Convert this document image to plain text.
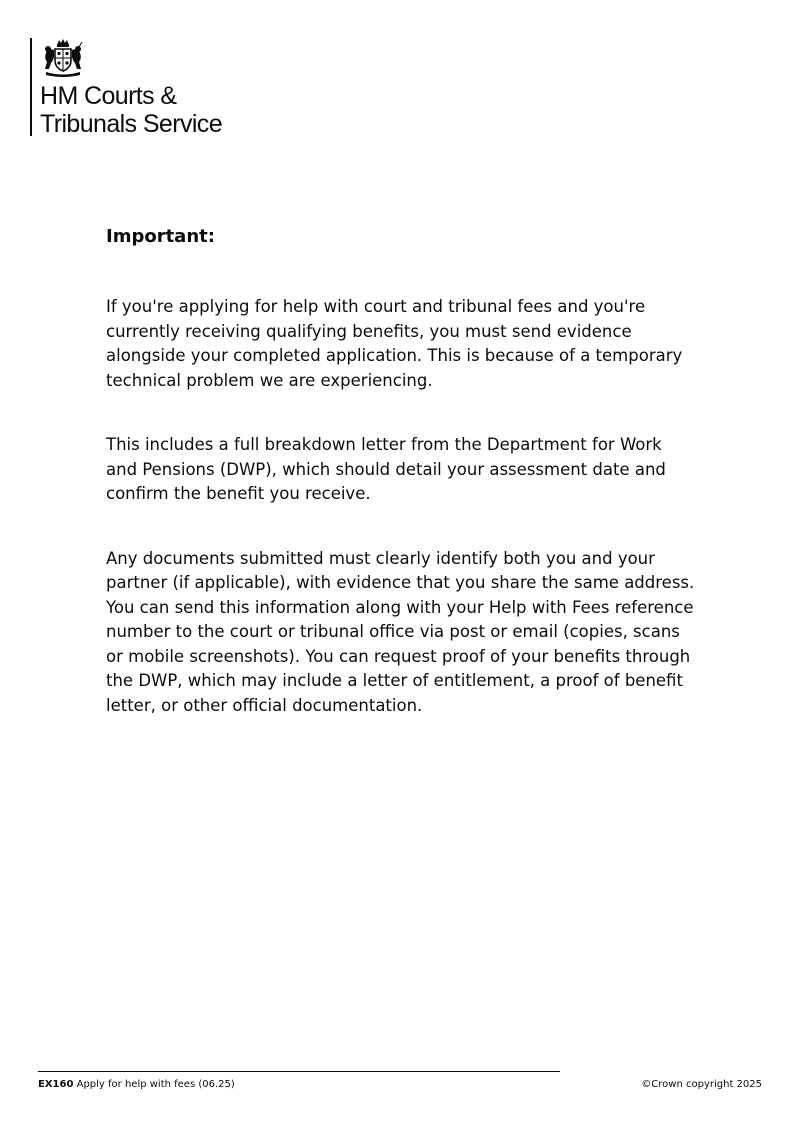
HM Courts &
Tribunals Service
Important:

If you're applying for help with court and tribunal fees and you're currently receiving qualifying benefits, you must send evidence alongside your completed application. This is because of a temporary technical problem we are experiencing.

This includes a full breakdown letter from the Department for Work and Pensions (DWP), which should detail your assessment date and confirm the benefit you receive.

Any documents submitted must clearly identify both you and your partner (if applicable), with evidence that you share the same address. You can send this information along with your Help with Fees reference number to the court or tribunal office via post or email (copies, scans or mobile screenshots). You can request proof of your benefits through the DWP, which may include a letter of entitlement, a proof of benefit letter, or other official documentation.

EX160 Apply for help with fees (06.25)	©Crown copyright 2025
